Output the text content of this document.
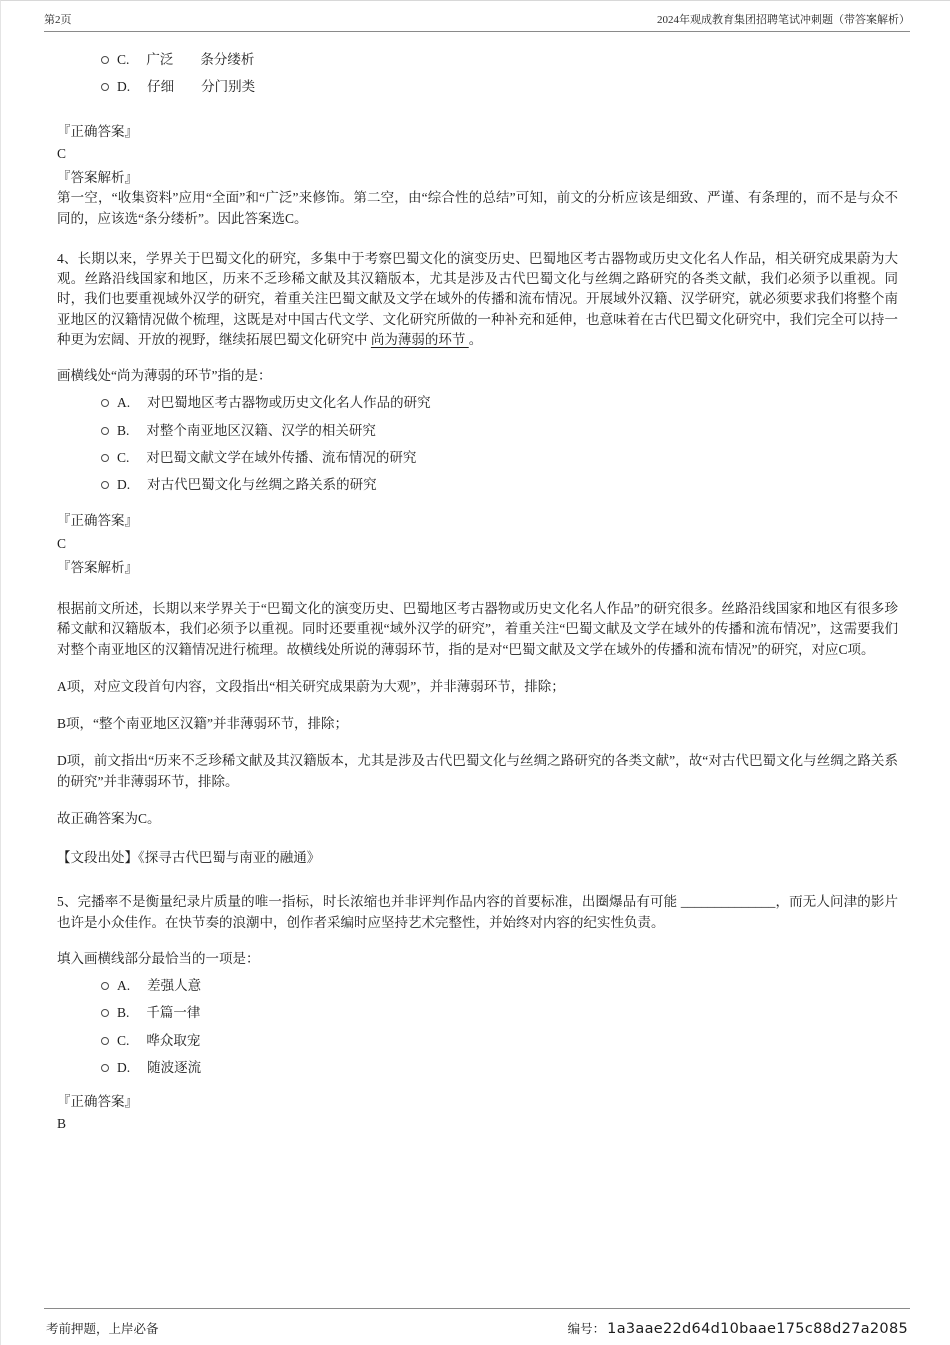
第2页	2024年观成教育集团招聘笔试冲刺题（带答案解析）
C. 广泛　　条分缕析
D. 仔细　　分门别类
『正确答案』
C
『答案解析』
第一空，“收集资料”应用“全面”和“广泛”来修饰。第二空，由“综合性的总结”可知，前文的分析应该是细致、严谨、有条理的，而不是与众不同的，应该选“条分缕析”。因此答案选C。

4、长期以来，学界关于巴蜀文化的研究，多集中于考察巴蜀文化的演变历史、巴蜀地区考古器物或历史文化名人作品，相关研究成果蔚为大观。丝路沿线国家和地区，历来不乏珍稀文献及其汉籍版本，尤其是涉及古代巴蜀文化与丝绸之路研究的各类文献，我们必须予以重视。同时，我们也要重视域外汉学的研究，着重关注巴蜀文献及文学在域外的传播和流布情况。开展域外汉籍、汉学研究，就必须要求我们将整个南亚地区的汉籍情况做个梳理，这既是对中国古代文学、文化研究所做的一种补充和延伸，也意味着在古代巴蜀文化研究中，我们完全可以持一种更为宏阔、开放的视野，继续拓展巴蜀文化研究中 尚为薄弱的环节 。

画横线处“尚为薄弱的环节”指的是：

A. 对巴蜀地区考古器物或历史文化名人作品的研究
B. 对整个南亚地区汉籍、汉学的相关研究
C. 对巴蜀文献文学在域外传播、流布情况的研究
D. 对古代巴蜀文化与丝绸之路关系的研究
『正确答案』
C
『答案解析』

根据前文所述，长期以来学界关于“巴蜀文化的演变历史、巴蜀地区考古器物或历史文化名人作品”的研究很多。丝路沿线国家和地区有很多珍稀文献和汉籍版本，我们必须予以重视。同时还要重视“域外汉学的研究”，着重关注“巴蜀文献及文学在域外的传播和流布情况”，这需要我们对整个南亚地区的汉籍情况进行梳理。故横线处所说的薄弱环节，指的是对“巴蜀文献及文学在域外的传播和流布情况”的研究，对应C项。

A项，对应文段首句内容，文段指出“相关研究成果蔚为大观”，并非薄弱环节，排除；

B项，“整个南亚地区汉籍”并非薄弱环节，排除；

D项，前文指出“历来不乏珍稀文献及其汉籍版本，尤其是涉及古代巴蜀文化与丝绸之路研究的各类文献”，故“对古代巴蜀文化与丝绸之路关系的研究”并非薄弱环节，排除。

故正确答案为C。

【文段出处】《探寻古代巴蜀与南亚的融通》

5、完播率不是衡量纪录片质量的唯一指标，时长浓缩也并非评判作品内容的首要标准，出圈爆品有可能 ______________，而无人问津的影片也许是小众佳作。在快节奏的浪潮中，创作者采编时应坚持艺术完整性，并始终对内容的纪实性负责。

填入画横线部分最恰当的一项是：

A. 差强人意
B. 千篇一律
C. 哗众取宠
D. 随波逐流
『正确答案』
B
考前押题，上岸必备	编号： 1a3aae22d64d10baae175c88d27a2085
